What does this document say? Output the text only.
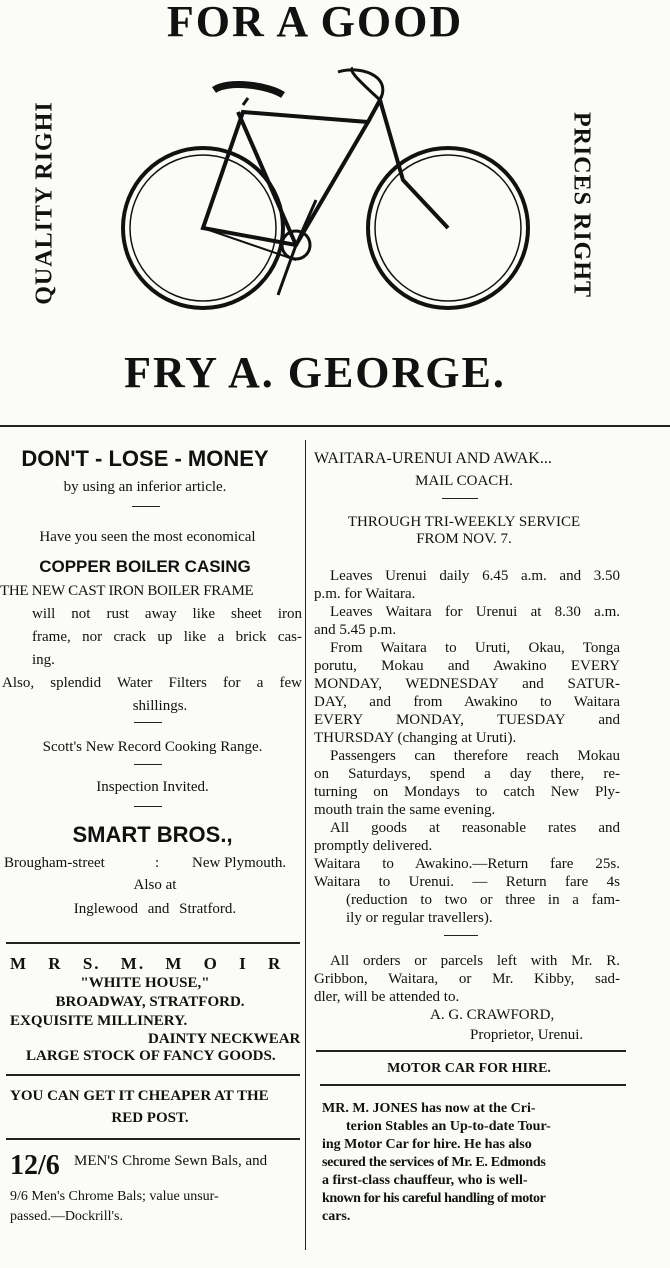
FOR A GOOD
QUALITY RIGHI	PRICES RIGHT
FRY A. GEORGE.
DON'T - LOSE - MONEY
by using an inferior article.
Have you seen the most economical
COPPER BOILER CASING
THE NEW CAST IRON BOILER FRAME
will not rust away like sheet iron
frame, nor crack up like a brick cas-
ing.
Also, splendid Water Filters for a few
shillings.
Scott's New Record Cooking Range.
Inspection Invited.
SMART BROS.,
Brougham-street	: New Plymouth.
Also at
Inglewood and Stratford.
M R S. M. M O I R
"WHITE HOUSE,"
BROADWAY, STRATFORD.
EXQUISITE MILLINERY.
DAINTY NECKWEAR
LARGE STOCK OF FANCY GOODS.
YOU CAN GET IT CHEAPER AT THE
RED POST.
12/6 MEN'S Chrome Sewn Bals, and
9/6 Men's Chrome Bals; value unsur-
passed.—Dockrill's.
WAITARA-URENUI AND AWAK...
MAIL COACH.
THROUGH TRI-WEEKLY SERVICE
FROM NOV. 7.
Leaves Urenui daily 6.45 a.m. and 3.50
p.m. for Waitara.
Leaves Waitara for Urenui at 8.30 a.m.
and 5.45 p.m.
From Waitara to Uruti, Okau, Tonga
porutu, Mokau and Awakino EVERY
MONDAY, WEDNESDAY and SATUR-
DAY, and from Awakino to Waitara
EVERY MONDAY, TUESDAY and
THURSDAY (changing at Uruti).
Passengers can therefore reach Mokau
on Saturdays, spend a day there, re-
turning on Mondays to catch New Ply-
mouth train the same evening.
All goods at reasonable rates and
promptly delivered.
Waitara to Awakino.—Return fare 25s.
Waitara to Urenui. — Return fare 4s
(reduction to two or three in a fam-
ily or regular travellers).
All orders or parcels left with Mr. R.
Gribbon, Waitara, or Mr. Kibby, sad-
dler, will be attended to.
A. G. CRAWFORD,
Proprietor, Urenui.
MOTOR CAR FOR HIRE.
MR. M. JONES has now at the Cri-
terion Stables an Up-to-date Tour-
ing Motor Car for hire. He has also
secured the services of Mr. E. Edmonds
a first-class chauffeur, who is well-
known for his careful handling of motor
cars.
